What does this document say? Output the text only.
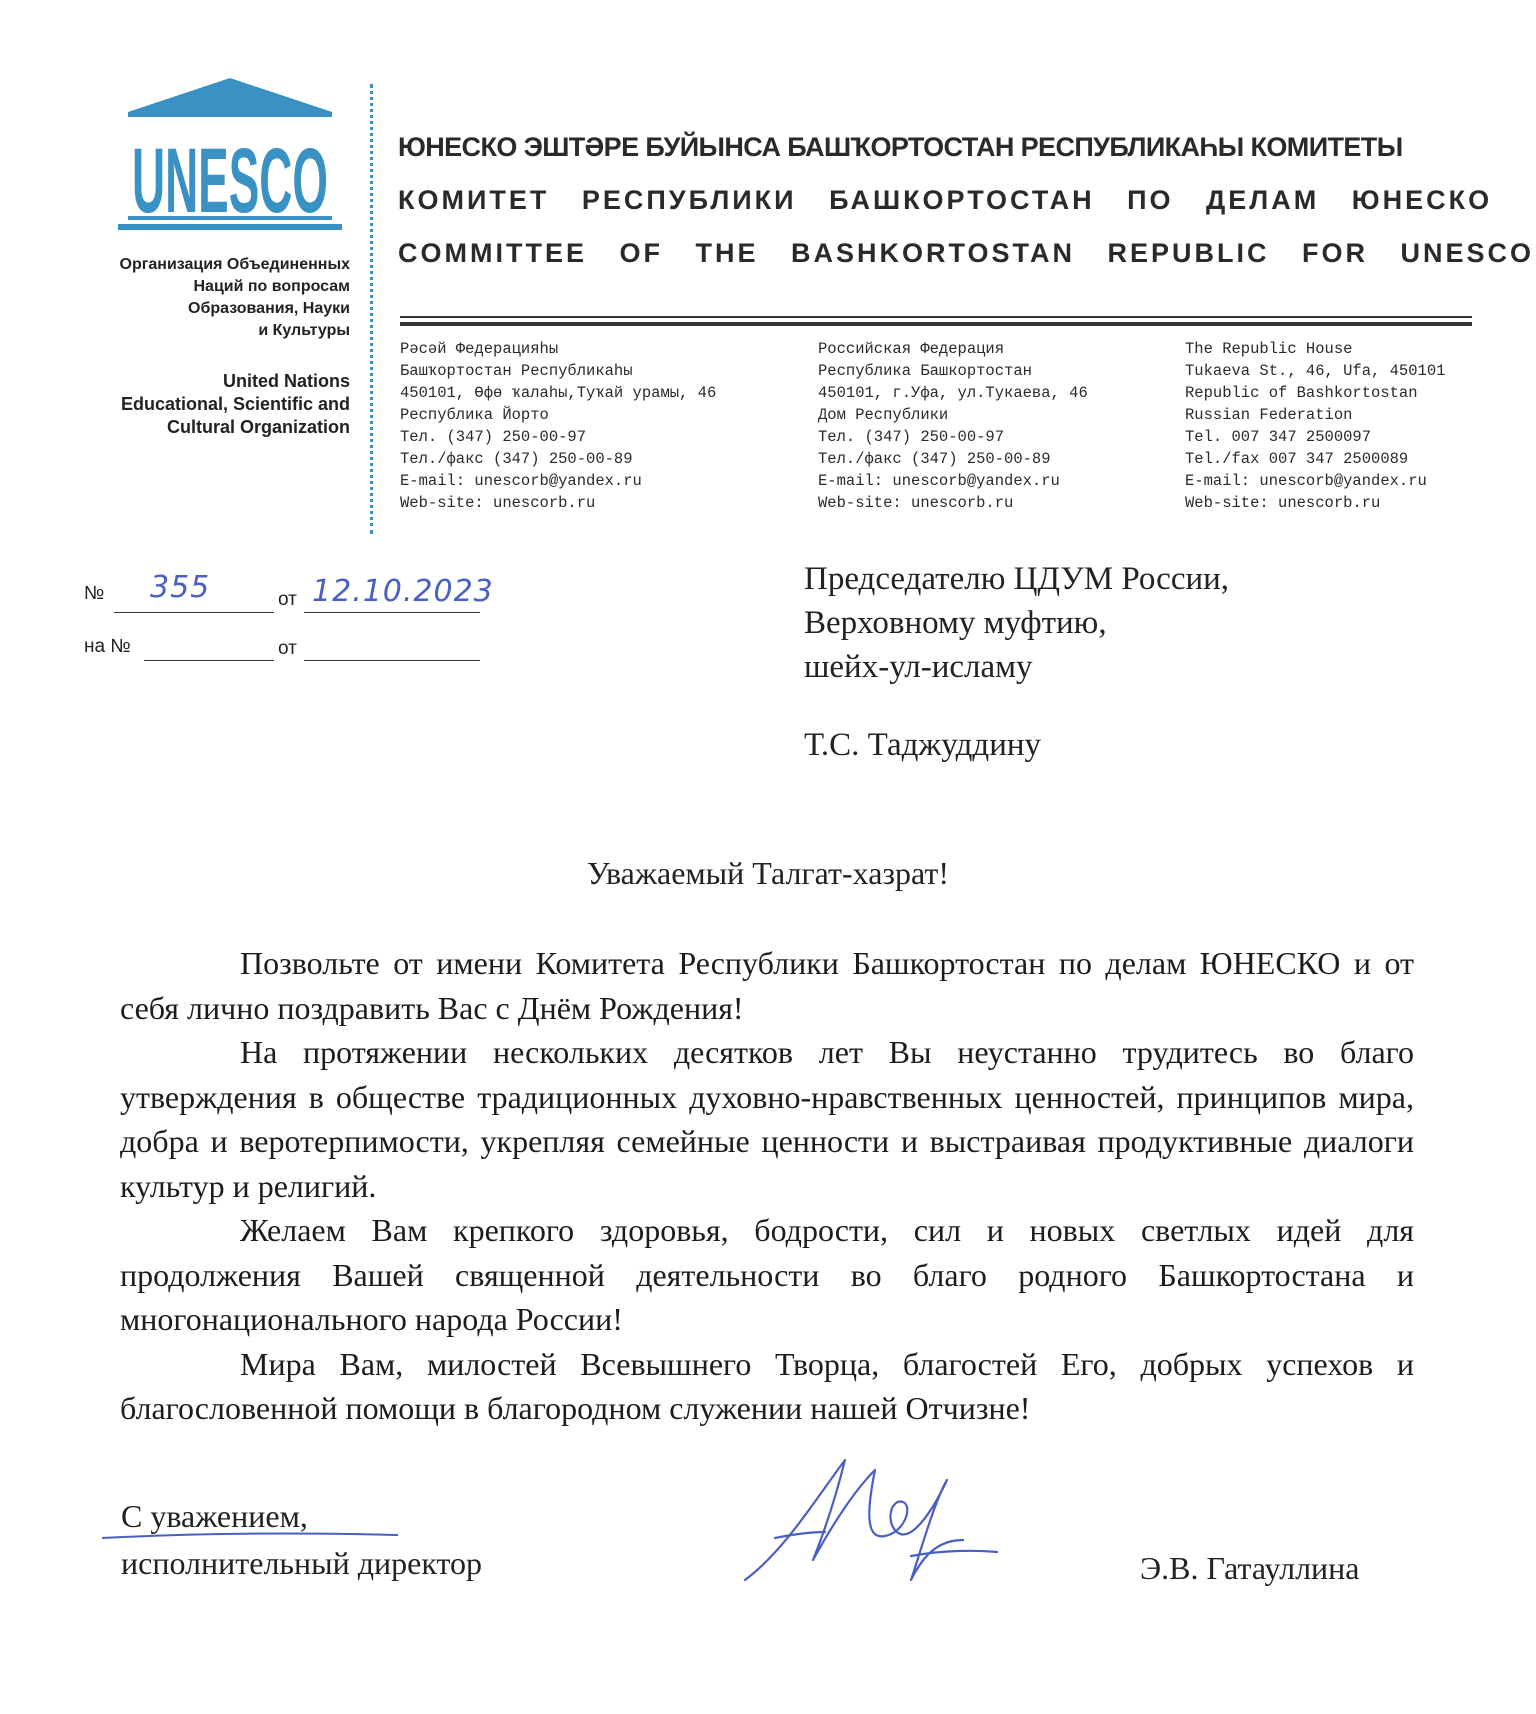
UNESCO
Организация Объединенных
Наций по вопросам
Образования, Науки
и Культуры
United Nations
Educational, Scientific and
Cultural Organization
ЮНЕСКО ЭШТӘРЕ БУЙЫНСА БАШҠОРТОСТАН РЕСПУБЛИКАҺЫ КОМИТЕТЫ
КОМИТЕТ РЕСПУБЛИКИ БАШКОРТОСТАН ПО ДЕЛАМ ЮНЕСКО
COMMITTEE OF THE BASHKORTOSTAN REPUBLIC FOR UNESCO
Рәсәй Федерацияһы
Башҡортостан Республикаһы
450101, Өфө ҡалаһы,Туҡай урамы, 46
Республика Йорто
Тел. (347) 250-00-97
Тел./факс (347) 250-00-89
E-mail: unescorb@yandex.ru
Web-site: unescorb.ru
Российская Федерация
Республика Башкортостан
450101, г.Уфа, ул.Тукаева, 46
Дом Республики
Тел. (347) 250-00-97
Тел./факс (347) 250-00-89
E-mail: unescorb@yandex.ru
Web-site: unescorb.ru
The Republic House
Tukaeva St., 46, Ufa, 450101
Republic of Bashkortostan
Russian Federation
Tel. 007 347 2500097
Tel./fax 007 347 2500089
E-mail: unescorb@yandex.ru
Web-site: unescorb.ru
№ 355	от 12.10.2023
на №	от
Председателю ЦДУМ России,
Верховному муфтию,
шейх-ул-исламу
Т.С. Таджуддину
Уважаемый Талгат-хазрат!

Позвольте от имени Комитета Республики Башкортостан по делам ЮНЕСКО и от себя лично поздравить Вас с Днём Рождения!

На протяжении нескольких десятков лет Вы неустанно трудитесь во благо утверждения в обществе традиционных духовно-нравственных ценностей, принципов мира, добра и веротерпимости, укрепляя семейные ценности и выстраивая продуктивные диалоги культур и религий.

Желаем Вам крепкого здоровья, бодрости, сил и новых светлых идей для продолжения Вашей священной деятельности во благо родного Башкортостана и многонационального народа России!

Мира Вам, милостей Всевышнего Творца, благостей Его, добрых успехов и благословенной помощи в благородном служении нашей Отчизне!

С уважением,
исполнительный директор	Э.В. Гатауллина
